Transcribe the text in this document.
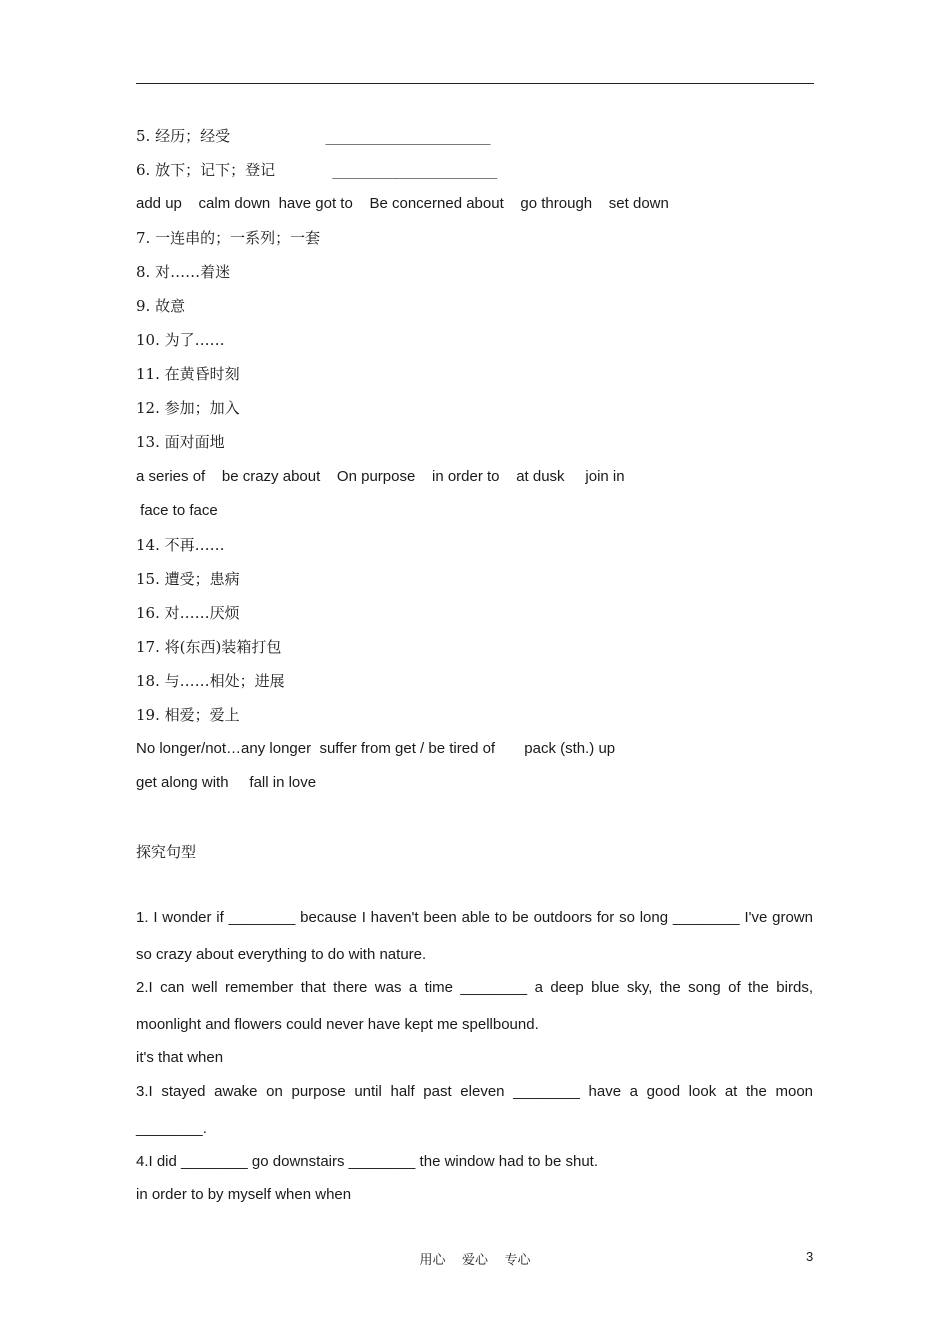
5. 经历；经受                    ______________________
6. 放下；记下；登记            ______________________
add up    calm down  have got to    Be concerned about    go through    set down
7. 一连串的；一系列；一套
8. 对……着迷
9. 故意
10. 为了……
11. 在黄昏时刻
12. 参加；加入
13. 面对面地
a series of    be crazy about    On purpose    in order to    at dusk     join in
face to face
14. 不再……
15. 遭受；患病
16. 对……厌烦
17. 将(东西)装箱打包
18. 与……相处；进展
19. 相爱；爱上
No longer/not…any longer  suffer from get / be tired of       pack (sth.) up
get along with     fall in love
探究句型
1. I wonder if ________ because I haven't been able to be outdoors for so long ________ I've grown
so crazy about everything to do with nature.
2.I can well remember that there was a time ________ a deep blue sky, the song of the birds,
moonlight and flowers could never have kept me spellbound.
it's that when
3.I stayed awake on purpose until half past eleven ________ have a good look at the moon
________.
4.I did ________ go downstairs ________ the window had to be shut.
in order to by myself when when
用心    爱心    专心	3
